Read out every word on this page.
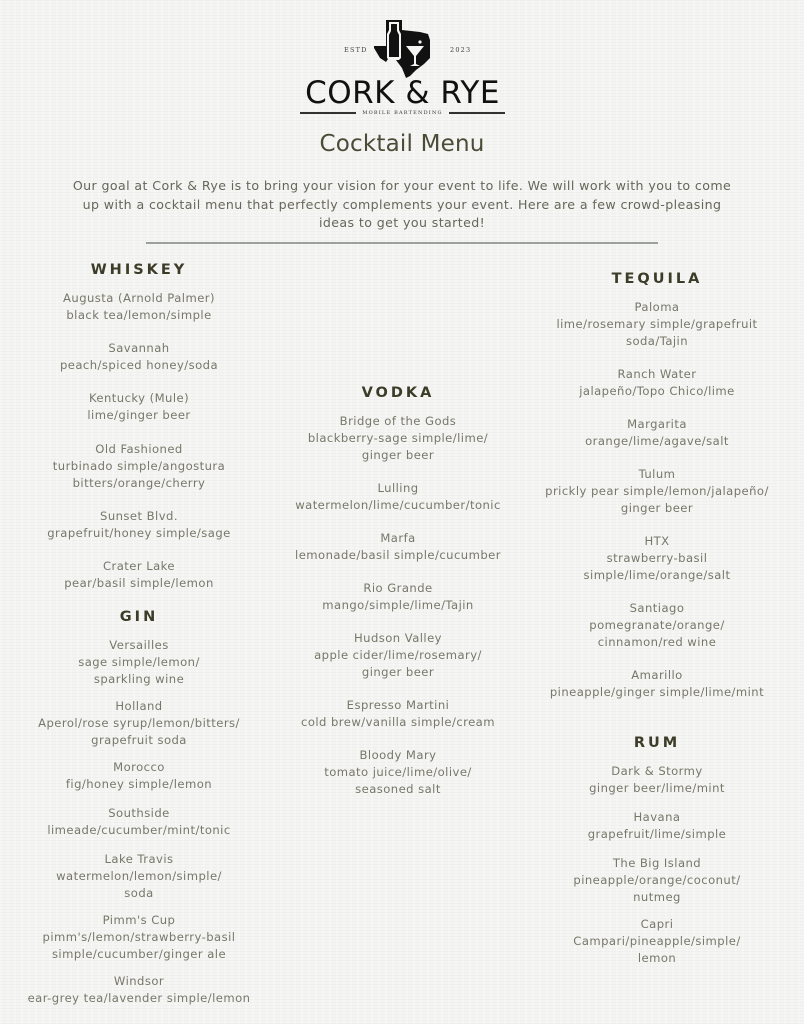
ESTD	2023
CORK & RYE
MOBILE BARTENDING
Cocktail Menu

Our goal at Cork & Rye is to bring your vision for your event to life. We will work with you to come up with a cocktail menu that perfectly complements your event. Here are a few crowd-pleasing ideas to get you started!

WHISKEY
Augusta (Arnold Palmer)
black tea/lemon/simple
Savannah
peach/spiced honey/soda
Kentucky (Mule)
lime/ginger beer
Old Fashioned
turbinado simple/angostura
bitters/orange/cherry
Sunset Blvd.
grapefruit/honey simple/sage
Crater Lake
pear/basil simple/lemon
GIN
Versailles
sage simple/lemon/
sparkling wine
Holland
Aperol/rose syrup/lemon/bitters/
grapefruit soda
Morocco
fig/honey simple/lemon
Southside
limeade/cucumber/mint/tonic
Lake Travis
watermelon/lemon/simple/
soda
Pimm's Cup
pimm's/lemon/strawberry-basil
simple/cucumber/ginger ale
Windsor
ear-grey tea/lavender simple/lemon
VODKA
Bridge of the Gods
blackberry-sage simple/lime/
ginger beer
Lulling
watermelon/lime/cucumber/tonic
Marfa
lemonade/basil simple/cucumber
Rio Grande
mango/simple/lime/Tajin
Hudson Valley
apple cider/lime/rosemary/
ginger beer
Espresso Martini
cold brew/vanilla simple/cream
Bloody Mary
tomato juice/lime/olive/
seasoned salt
TEQUILA
Paloma
lime/rosemary simple/grapefruit
soda/Tajin
Ranch Water
jalapeño/Topo Chico/lime
Margarita
orange/lime/agave/salt
Tulum
prickly pear simple/lemon/jalapeño/
ginger beer
HTX
strawberry-basil
simple/lime/orange/salt
Santiago
pomegranate/orange/
cinnamon/red wine
Amarillo
pineapple/ginger simple/lime/mint
RUM
Dark & Stormy
ginger beer/lime/mint
Havana
grapefruit/lime/simple
The Big Island
pineapple/orange/coconut/
nutmeg
Capri
Campari/pineapple/simple/
lemon
